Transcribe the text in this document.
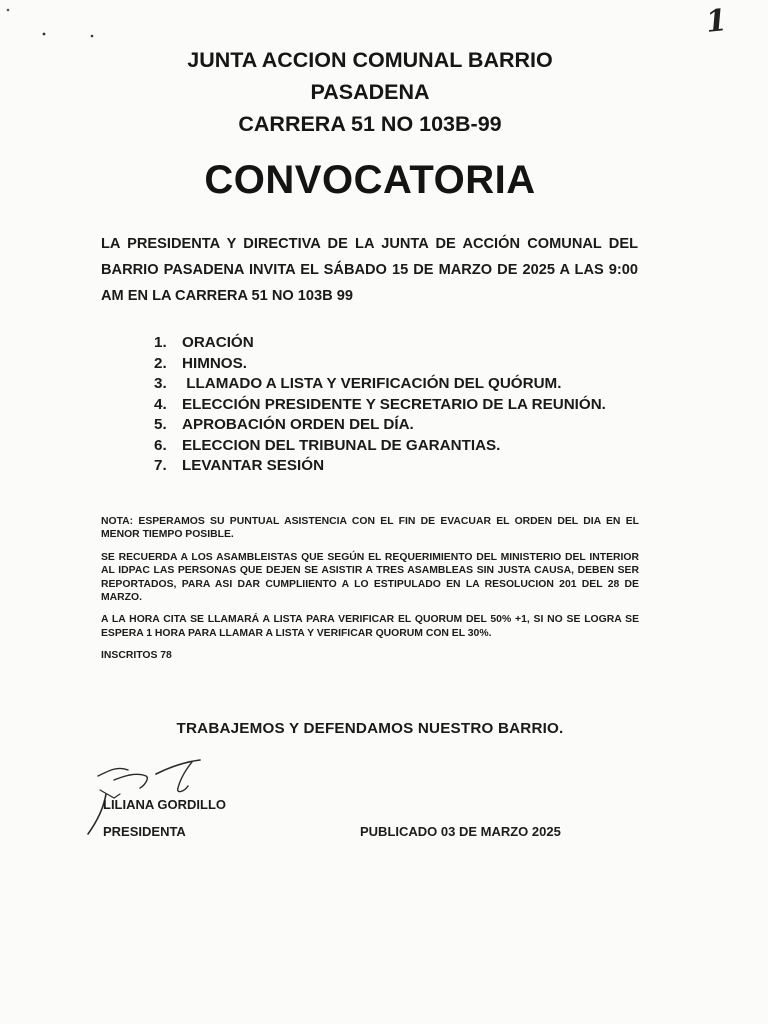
1
JUNTA ACCION COMUNAL BARRIO
PASADENA
CARRERA 51 NO 103B-99
CONVOCATORIA
LA PRESIDENTA Y DIRECTIVA DE LA JUNTA DE ACCIÓN COMUNAL DEL BARRIO PASADENA INVITA EL SÁBADO 15 DE MARZO DE 2025 A LAS 9:00 AM EN LA CARRERA 51 NO 103B 99
1. ORACIÓN
2. HIMNOS.
3. LLAMADO A LISTA Y VERIFICACIÓN DEL QUÓRUM.
4. ELECCIÓN PRESIDENTE Y SECRETARIO DE LA REUNIÓN.
5. APROBACIÓN ORDEN DEL DÍA.
6. ELECCION DEL TRIBUNAL DE GARANTIAS.
7. LEVANTAR SESIÓN

NOTA: ESPERAMOS SU PUNTUAL ASISTENCIA CON EL FIN DE EVACUAR EL ORDEN DEL DIA EN EL MENOR TIEMPO POSIBLE.

SE RECUERDA A LOS ASAMBLEISTAS QUE SEGÚN EL REQUERIMIENTO DEL MINISTERIO DEL INTERIOR AL IDPAC LAS PERSONAS QUE DEJEN SE ASISTIR A TRES ASAMBLEAS SIN JUSTA CAUSA, DEBEN SER REPORTADOS, PARA ASI DAR CUMPLIIENTO A LO ESTIPULADO EN LA RESOLUCION 201 DEL 28 DE MARZO.

A LA HORA CITA SE LLAMARÁ A LISTA PARA VERIFICAR EL QUORUM DEL 50% +1, SI NO SE LOGRA SE ESPERA 1 HORA PARA LLAMAR A LISTA Y VERIFICAR QUORUM CON EL 30%.

INSCRITOS 78

TRABAJEMOS Y DEFENDAMOS NUESTRO BARRIO.
LILIANA GORDILLO
PRESIDENTA	PUBLICADO 03 DE MARZO 2025
